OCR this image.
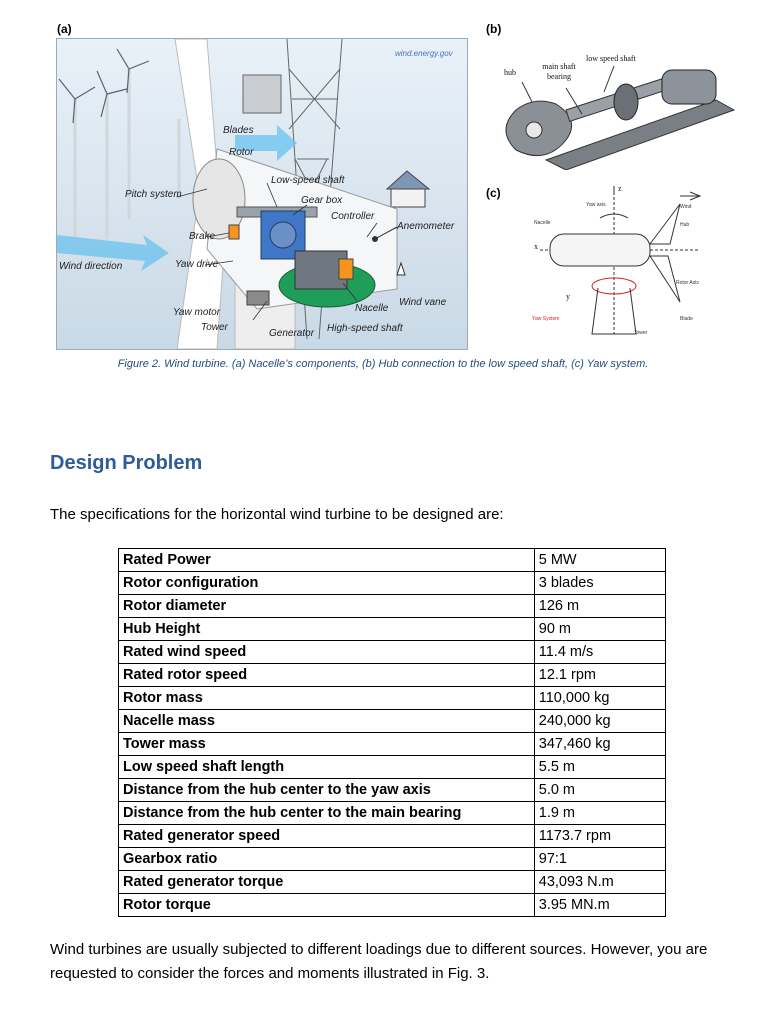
(a)
wind.energy.gov
Blades
Rotor
Low-speed shaft
Gear box
Controller
Anemometer
Pitch system
Brake
Wind direction	Yaw drive
Yaw motor
Tower
Nacelle
Wind vane
Generator High-speed shaft
(b)
hub
main shaft bearing
low speed shaft
(c)
Yaw axis
Nacelle
x
y
z
Wind
Hub
Rotor Axis
Yaw System	Blade
Tower
Figure 2. Wind turbine. (a) Nacelle’s components, (b) Hub connection to the low speed shaft, (c) Yaw system.
Design Problem
The specifications for the horizontal wind turbine to be designed are:
Rated Power	5 MW
Rotor configuration	3 blades
Rotor diameter	126 m
Hub Height	90 m
Rated wind speed	11.4 m/s
Rated rotor speed	12.1 rpm
Rotor mass	110,000 kg
Nacelle mass	240,000 kg
Tower mass	347,460 kg
Low speed shaft length	5.5 m
Distance from the hub center to the yaw axis	5.0 m
Distance from the hub center to the main bearing	1.9 m
Rated generator speed	1173.7 rpm
Gearbox ratio	97:1
Rated generator torque	43,093 N.m
Rotor torque	3.95 MN.m
Wind turbines are usually subjected to different loadings due to different sources. However, you are requested to consider the forces and moments illustrated in Fig. 3.
